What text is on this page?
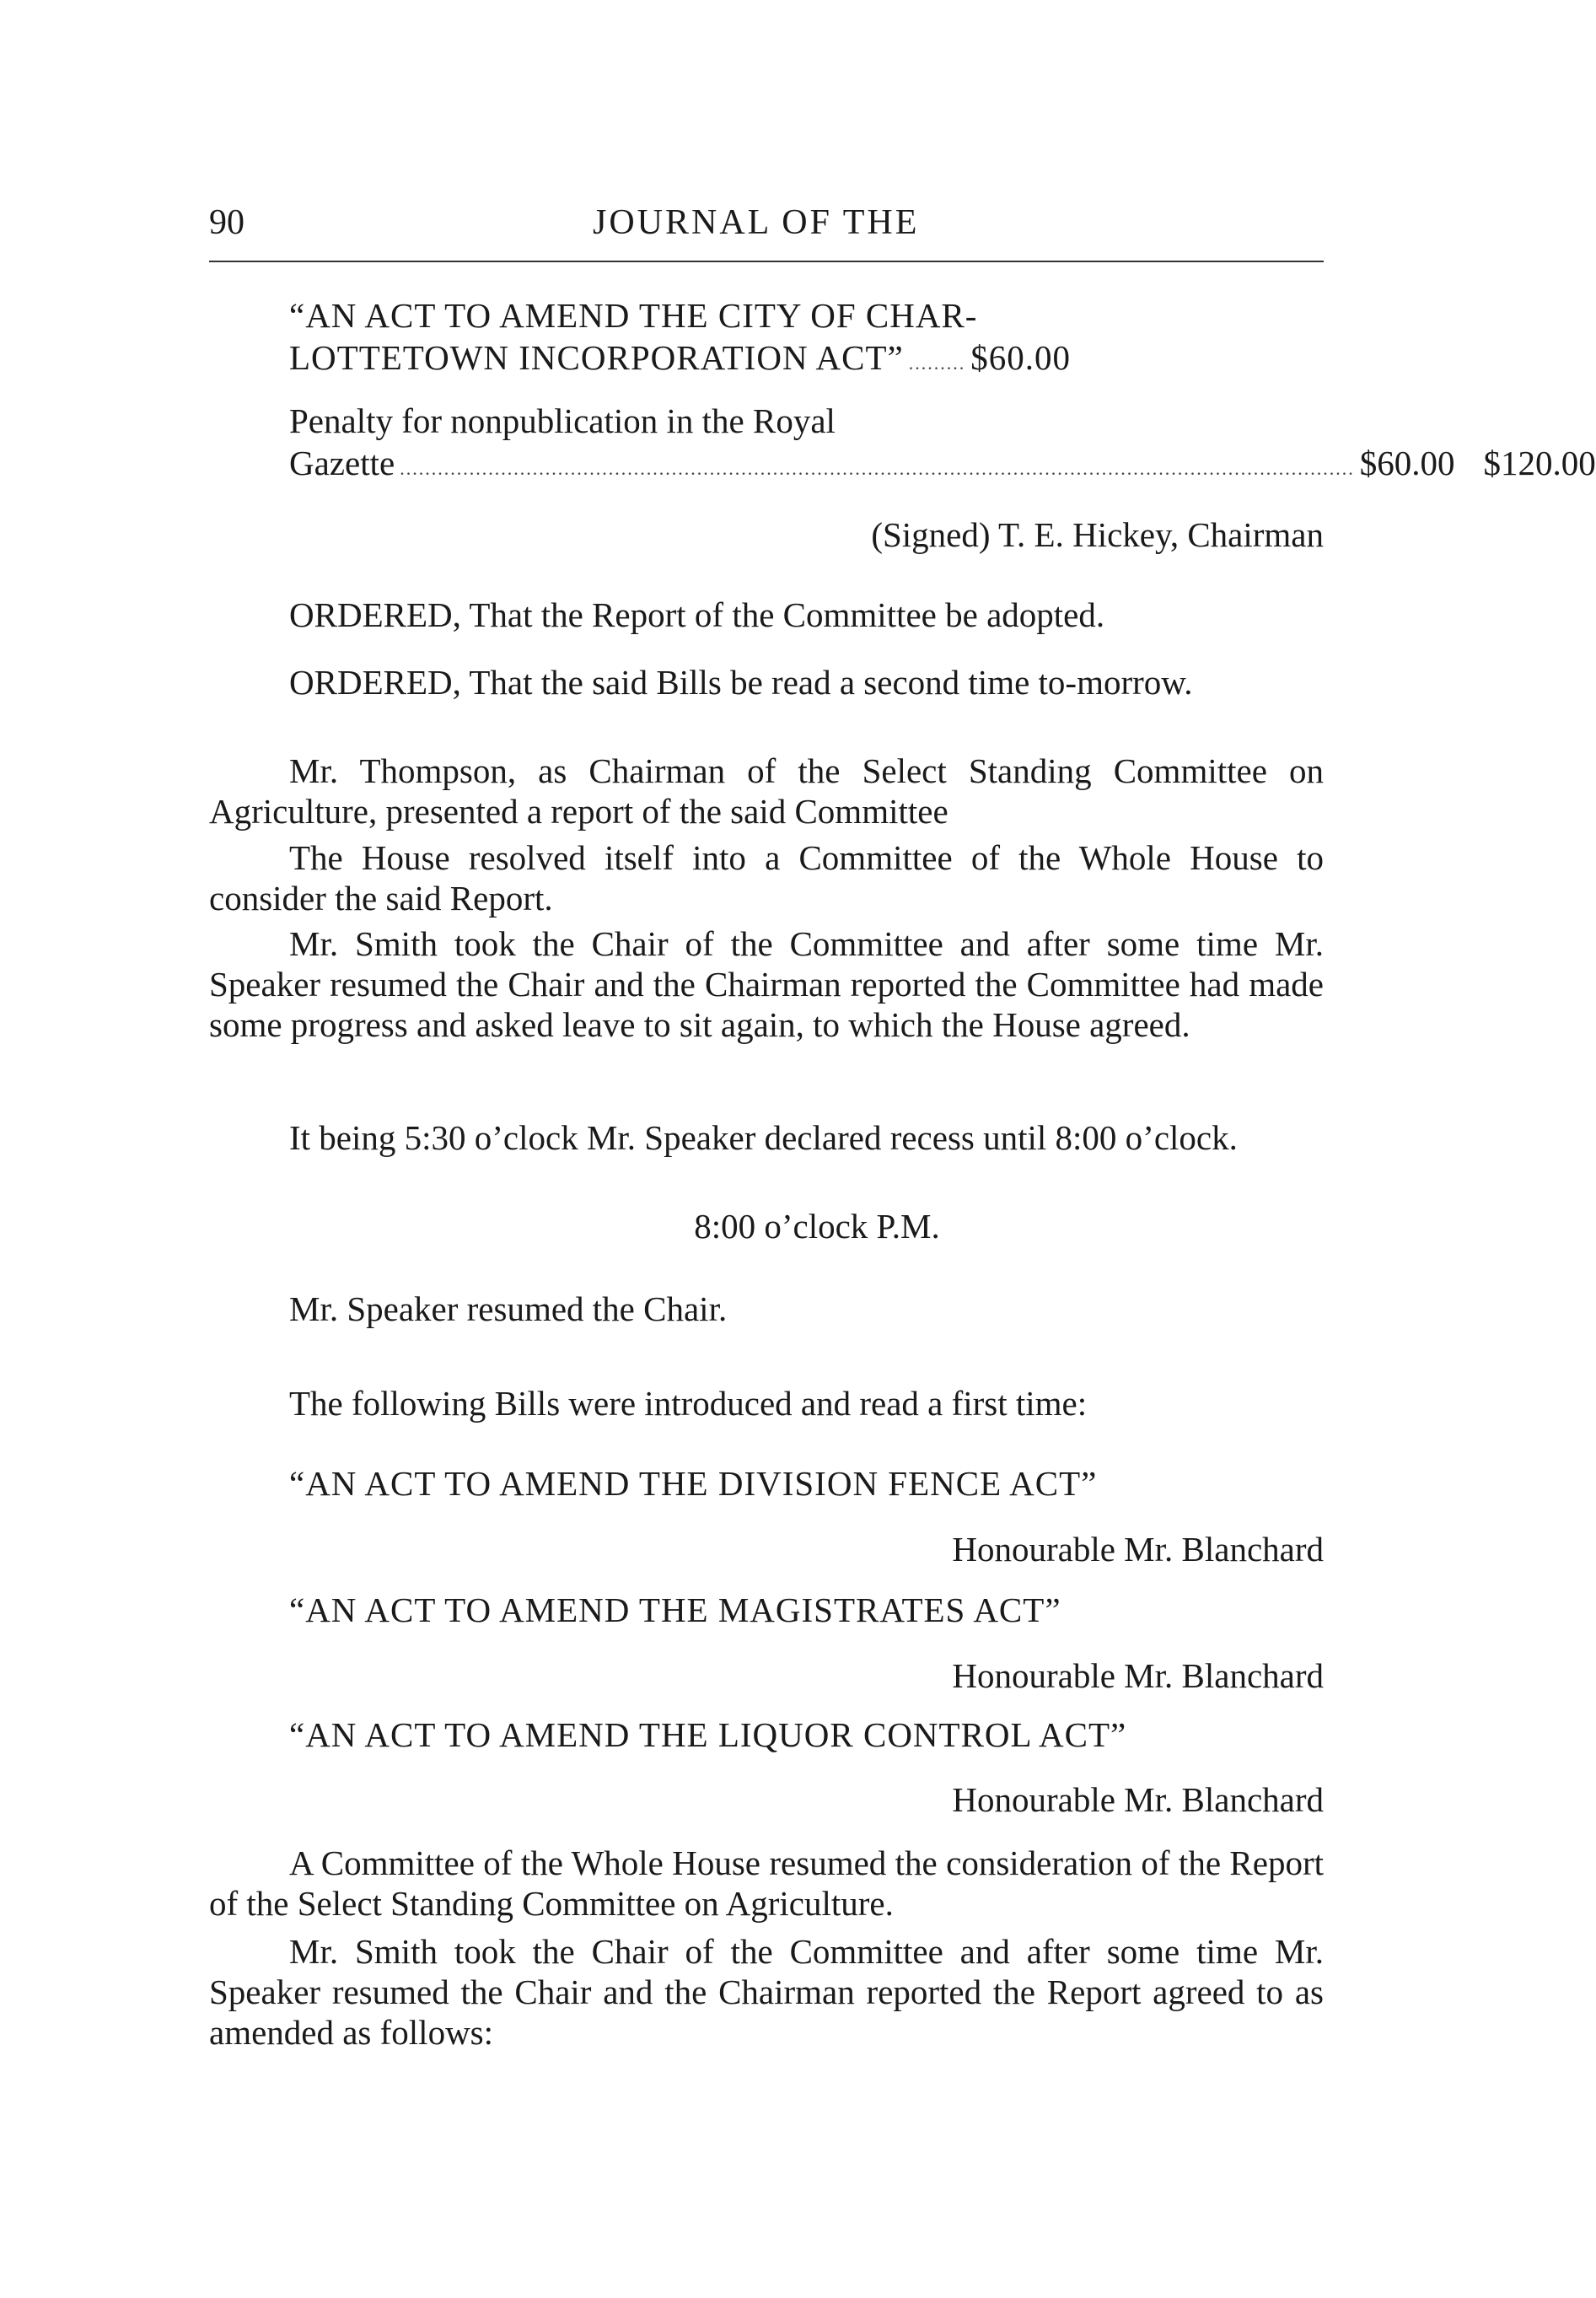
90	JOURNAL OF THE
“AN ACT TO AMEND THE CITY OF CHAR-
LOTTETOWN INCORPORATION ACT” ......... $60.00
Penalty for nonpublication in the Royal
Gazette ....................................................................................................................................................... $60.00 $120.00
(Signed) T. E. Hickey, Chairman

ORDERED, That the Report of the Committee be adopted.

ORDERED, That the said Bills be read a second time to-morrow.

Mr. Thompson, as Chairman of the Select Standing Committee on Agriculture, presented a report of the said Committee

The House resolved itself into a Committee of the Whole House to consider the said Report.

Mr. Smith took the Chair of the Committee and after some time Mr. Speaker resumed the Chair and the Chairman reported the Committee had made some progress and asked leave to sit again, to which the House agreed.

It being 5:30 o’clock Mr. Speaker declared recess until 8:00 o’clock.

8:00 o’clock P.M.

Mr. Speaker resumed the Chair.

The following Bills were introduced and read a first time:

“AN ACT TO AMEND THE DIVISION FENCE ACT”
Honourable Mr. Blanchard
“AN ACT TO AMEND THE MAGISTRATES ACT”
Honourable Mr. Blanchard
“AN ACT TO AMEND THE LIQUOR CONTROL ACT”
Honourable Mr. Blanchard

A Committee of the Whole House resumed the consideration of the Report of the Select Standing Committee on Agriculture.

Mr. Smith took the Chair of the Committee and after some time Mr. Speaker resumed the Chair and the Chairman reported the Report agreed to as amended as follows:
